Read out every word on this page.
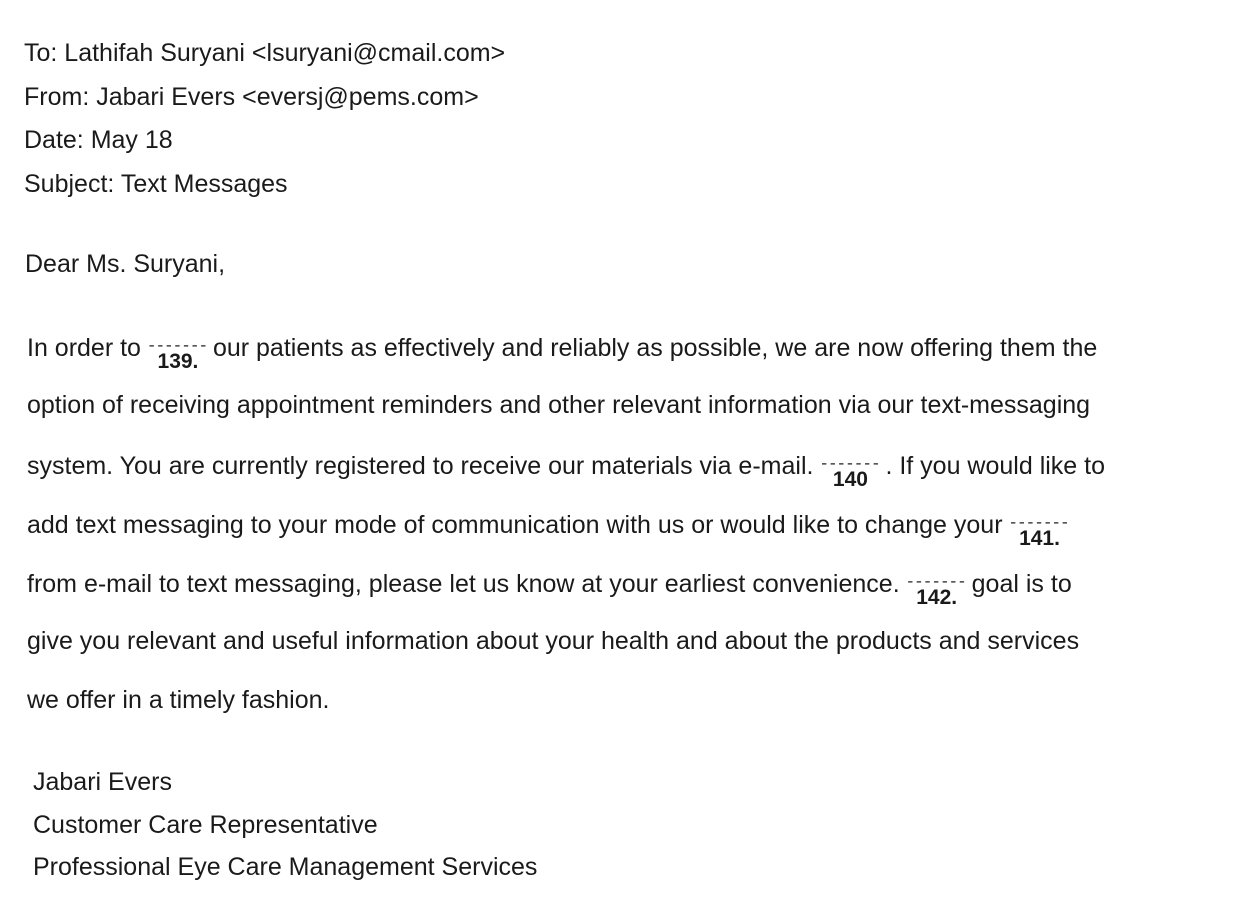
To: Lathifah Suryani <lsuryani@cmail.com>
From: Jabari Evers <eversj@pems.com>
Date: May 18
Subject: Text Messages
Dear Ms. Suryani,
In order to -------
139. our patients as effectively and reliably as possible, we are now offering them the
option of receiving appointment reminders and other relevant information via our text-messaging
system. You are currently registered to receive our materials via e-mail. -------
140 . If you would like to
add text messaging to your mode of communication with us or would like to change your -------
141.
from e-mail to text messaging, please let us know at your earliest convenience. -------
142. goal is to
give you relevant and useful information about your health and about the products and services
we offer in a timely fashion.
Jabari Evers
Customer Care Representative
Professional Eye Care Management Services
